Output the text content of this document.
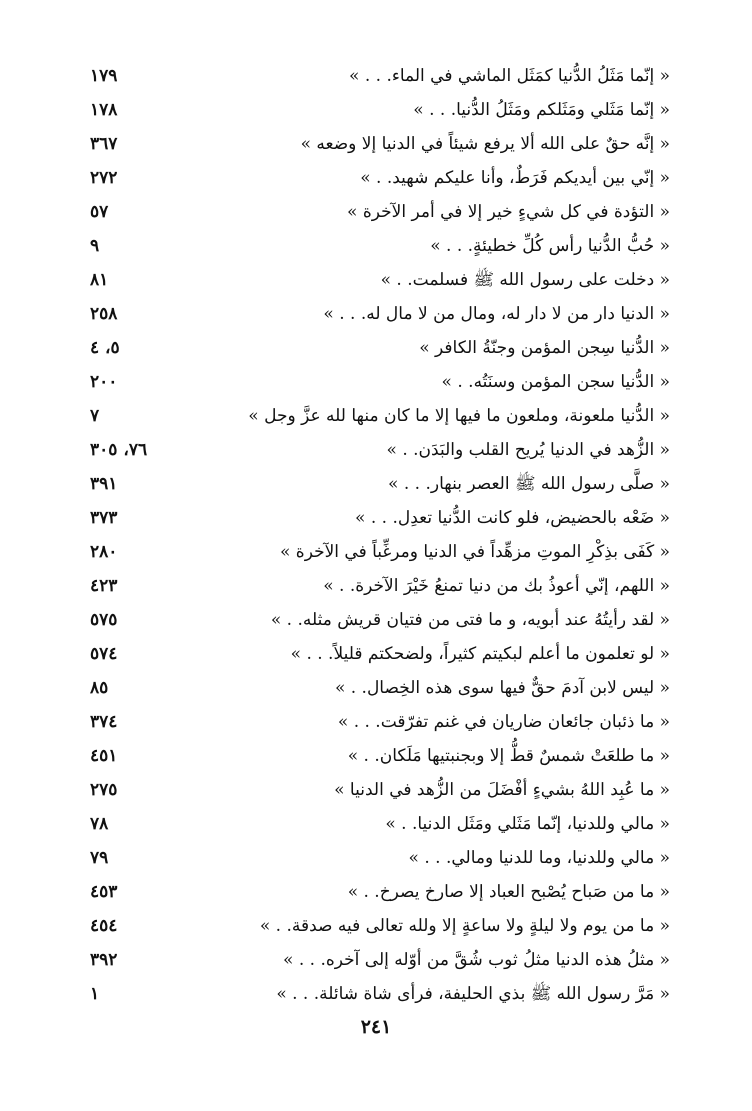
« إنّما مَثَلُ الدُّنيا كمَثَل الماشي في الماء. . . »
١٧٩
« إنّما مَثَلي ومَثَلكم ومَثَلُ الدُّنيا. . . »
١٧٨
« إنَّه حقٌ على الله ألا يرفع شيئاً في الدنيا إلا وضعه »
٣٦٧
« إنّي بين أيديكم فَرَطٌ، وأنا عليكم شهيد. . »
٢٧٢
« التؤدة في كل شيءٍ خير إلا في أمر الآخرة »
٥٧
« حُبُّ الدُّنيا رأس كُلِّ خطيئةٍ. . . »
٩
« دخلت على رسول الله ﷺ فسلمت. . »
٨١
« الدنيا دار من لا دار له، ومال من لا مال له. . . »
٢٥٨
« الدُّنيا سِجن المؤمن وجنّةُ الكافر »
٥، ٤
« الدُّنيا سجن المؤمن وسنَتُه. . »
٢٠٠
« الدُّنيا ملعونة، وملعون ما فيها إلا ما كان منها لله عزَّ وجل »
٧
« الزُّهد في الدنيا يُريح القلب والبَدَن. . »
٧٦، ٣٠٥
« صلَّى رسول الله ﷺ العصر بنهار. . . »
٣٩١
« ضَعْه بالحضيض، فلو كانت الدُّنيا تعدِل. . . »
٣٧٣
« كَفَى بذِكْرِ الموتِ مزهِّداً في الدنيا ومرغِّباً في الآخرة »
٢٨٠
« اللهم، إنّي أعوذُ بك من دنيا تمنعُ خَيْرَ الآخرة. . »
٤٢٣
« لقد رأيتُهُ عند أبويه، و ما فتى من فتيان قريش مثله. . »
٥٧٥
« لو تعلمون ما أعلم لبكيتم كثيراً، ولضحكتم قليلاً. . . »
٥٧٤
« ليس لابن آدمَ حقٌّ فيها سوى هذه الخِصال. . »
٨٥
« ما ذئبان جائعان ضاريان في غنم تفرّقت. . . »
٣٧٤
« ما طلعَتْ شمسٌ قطُّ إلا وبجنبتيها مَلَكان. . »
٤٥١
« ما عُبِد اللهُ بشيءٍ أفْضَلَ من الزُّهد في الدنيا »
٢٧٥
« مالي وللدنيا، إنّما مَثَلي ومَثَل الدنيا. . »
٧٨
« مالي وللدنيا، وما للدنيا ومالي. . . »
٧٩
« ما من صَباح يُصْبح العباد إلا صارخ يصرخ. . »
٤٥٣
« ما من يوم ولا ليلةٍ ولا ساعةٍ إلا ولله تعالى فيه صدقة. . »
٤٥٤
« مثلُ هذه الدنيا مثلُ ثوب شُقَّ من أوّله إلى آخره. . . »
٣٩٢
« مَرَّ رسول الله ﷺ بذي الحليفة، فرأى شاة شائلة. . . »
١
٢٤١
